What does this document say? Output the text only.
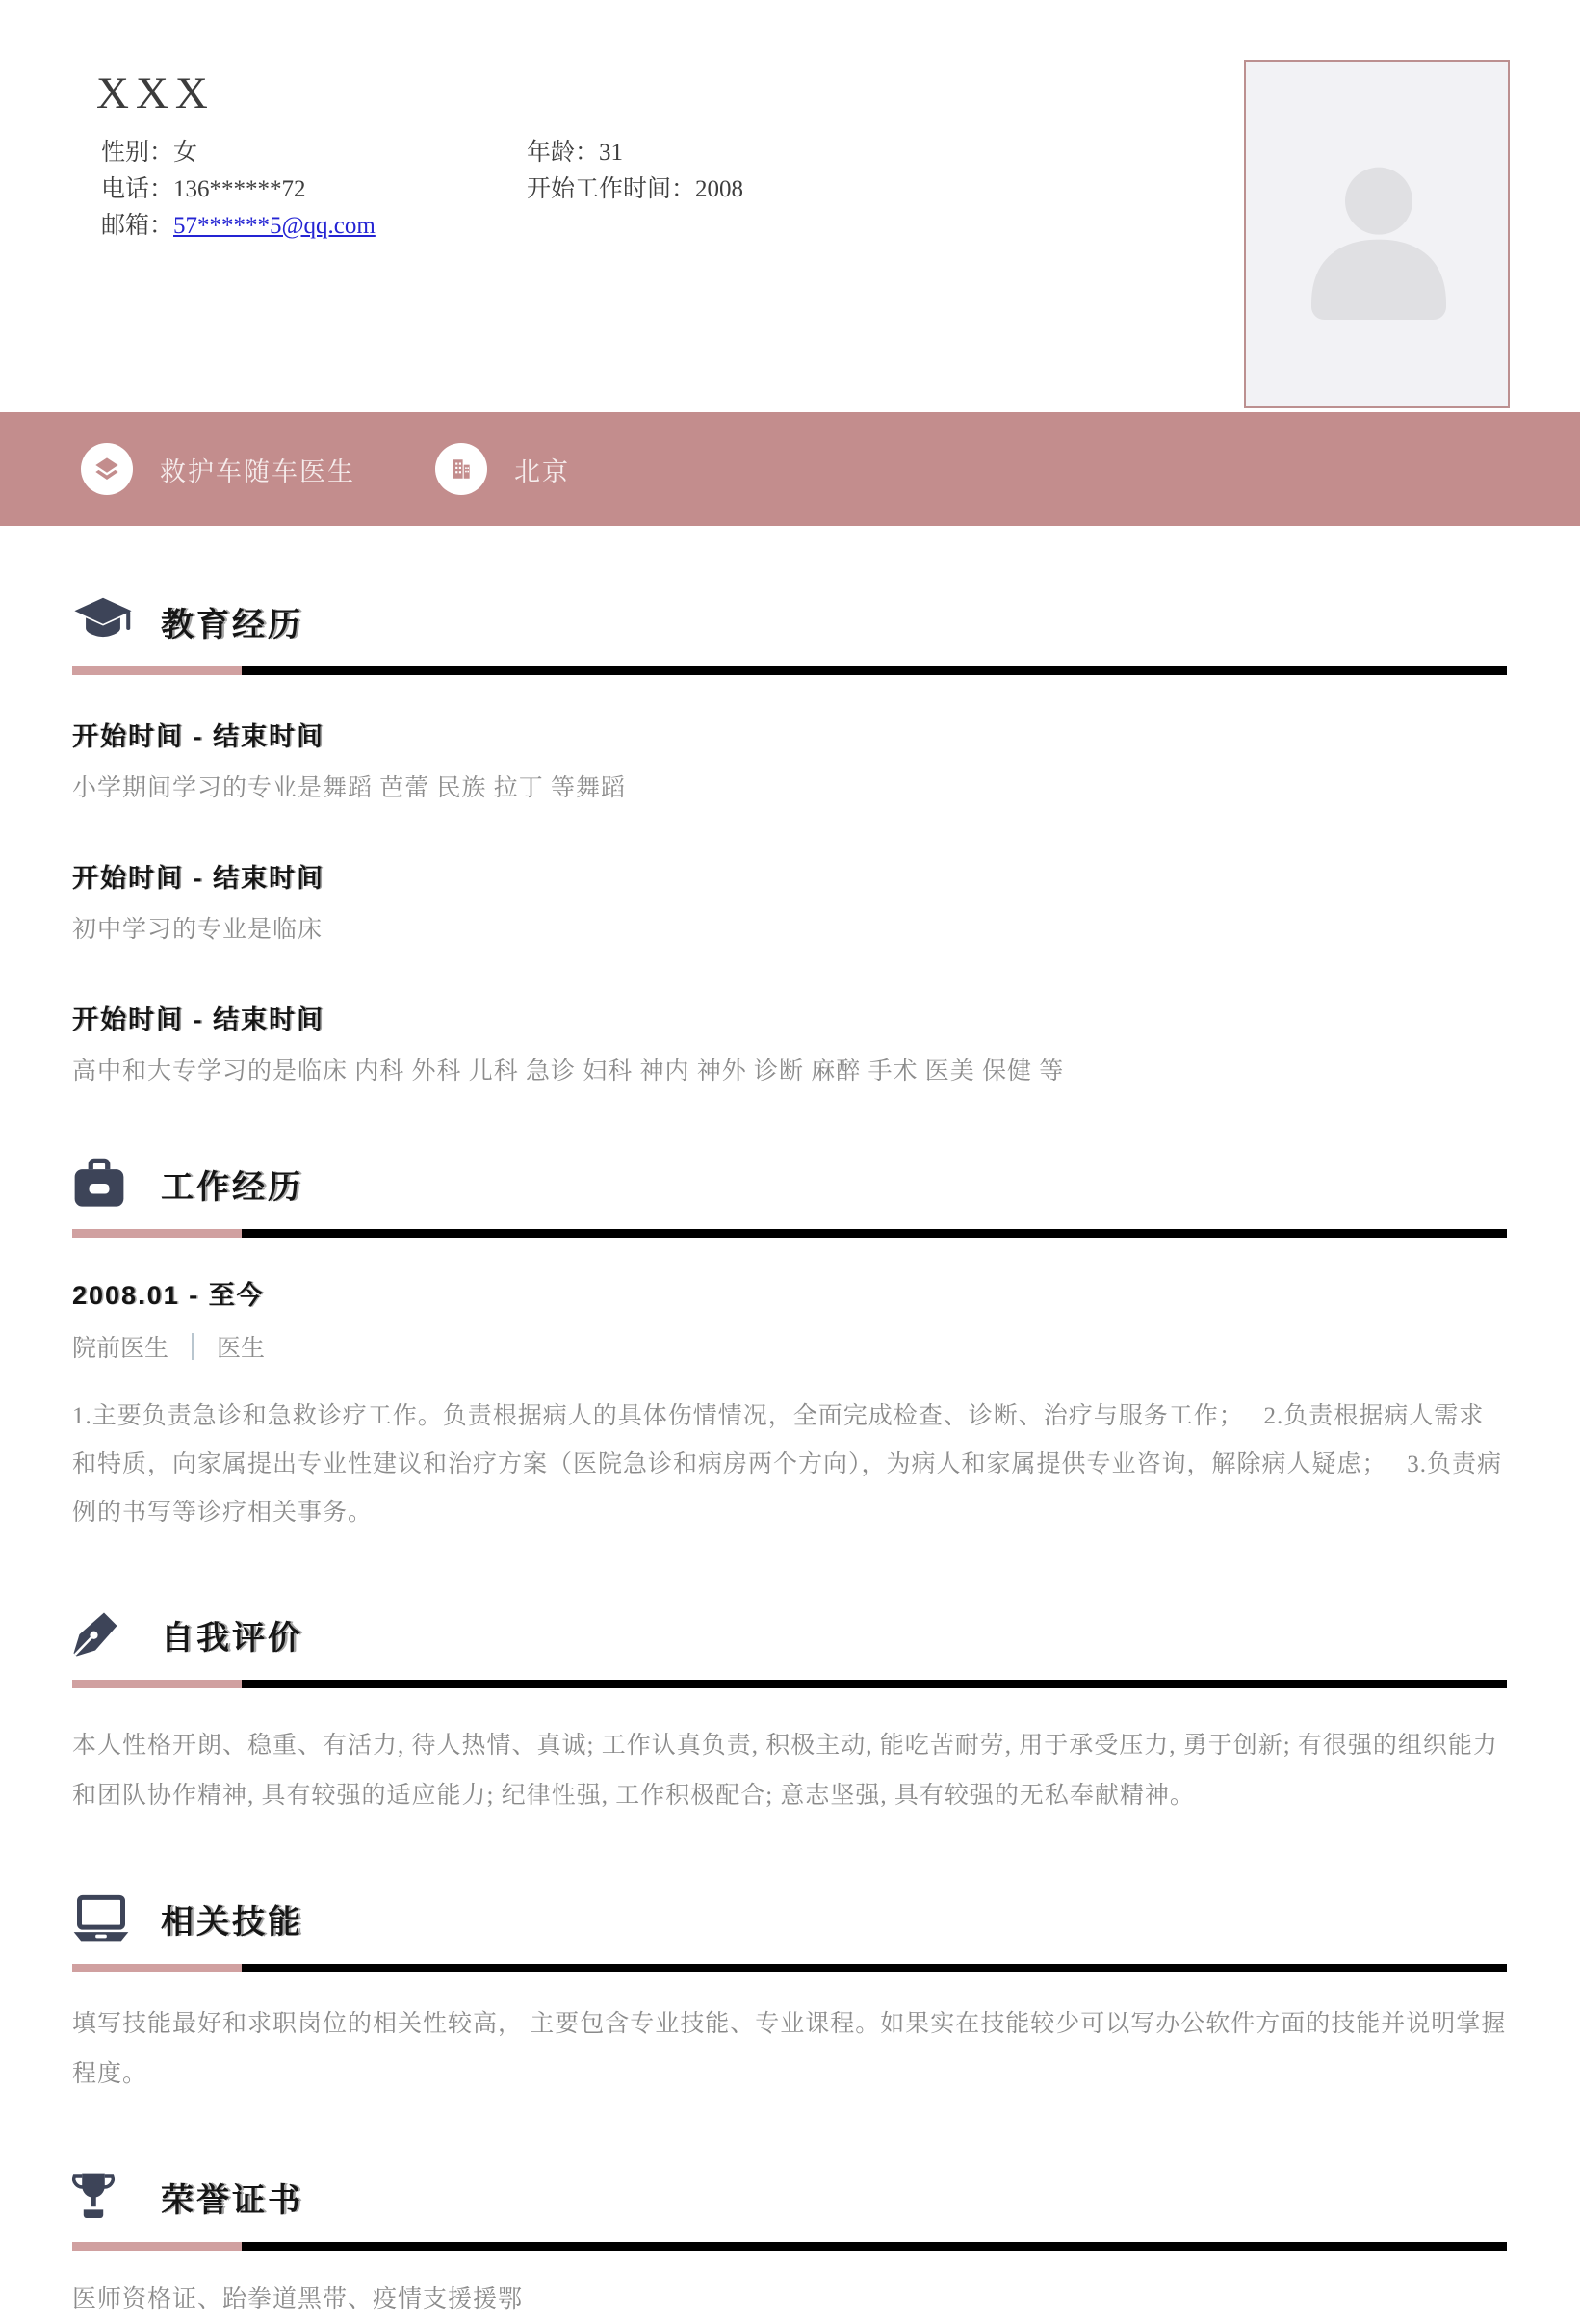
XXX
性别：女	年龄：31
电话：136******72	开始工作时间：2008
邮箱：57******5@qq.com
救护车随车医生	北京
教育经历
开始时间 - 结束时间
小学期间学习的专业是舞蹈 芭蕾 民族 拉丁 等舞蹈
开始时间 - 结束时间
初中学习的专业是临床
开始时间 - 结束时间
高中和大专学习的是临床 内科 外科 儿科 急诊 妇科 神内 神外 诊断 麻醉 手术 医美 保健 等
工作经历
2008.01 - 至今
院前医生 医生
1.主要负责急诊和急救诊疗工作。负责根据病人的具体伤情情况，全面完成检查、诊断、治疗与服务工作；　 2.负责根据病人需求和特质，向家属提出专业性建议和治疗方案（医院急诊和病房两个方向），为病人和家属提供专业咨询，解除病人疑虑；　 3.负责病例的书写等诊疗相关事务。
自我评价
本人性格开朗、稳重、有活力, 待人热情、真诚; 工作认真负责, 积极主动, 能吃苦耐劳, 用于承受压力, 勇于创新; 有很强的组织能力和团队协作精神, 具有较强的适应能力; 纪律性强, 工作积极配合; 意志坚强, 具有较强的无私奉献精神。
相关技能
填写技能最好和求职岗位的相关性较高， 主要包含专业技能、专业课程。如果实在技能较少可以写办公软件方面的技能并说明掌握程度。
荣誉证书
医师资格证、跆拳道黑带、疫情支援援鄂
